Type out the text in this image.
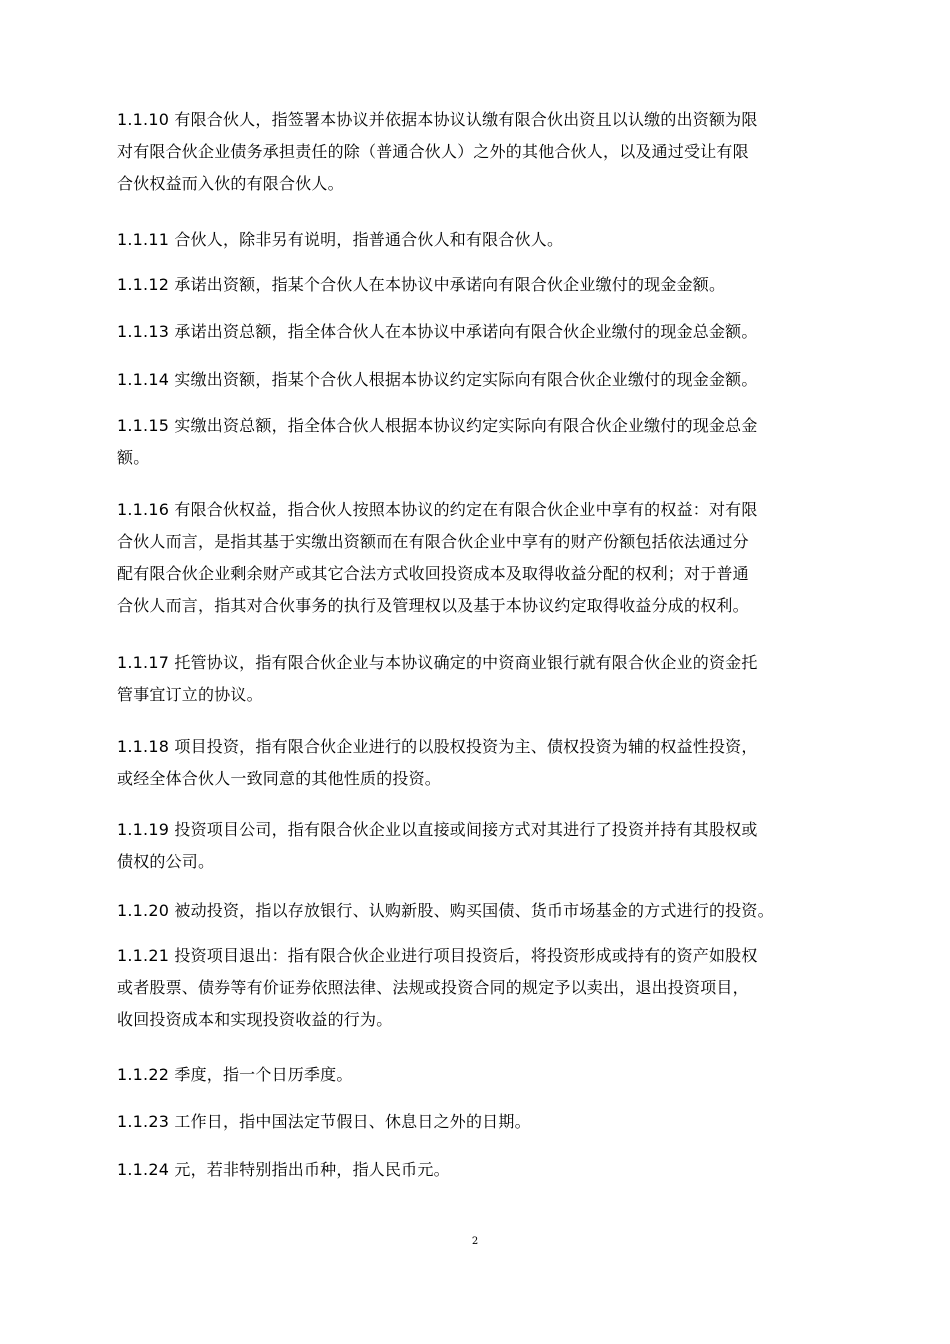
1.1.10 有限合伙人，指签署本协议并依据本协议认缴有限合伙出资且以认缴的出资额为限
对有限合伙企业债务承担责任的除（普通合伙人）之外的其他合伙人，以及通过受让有限
合伙权益而入伙的有限合伙人。

1.1.11 合伙人，除非另有说明，指普通合伙人和有限合伙人。

1.1.12 承诺出资额，指某个合伙人在本协议中承诺向有限合伙企业缴付的现金金额。

1.1.13 承诺出资总额，指全体合伙人在本协议中承诺向有限合伙企业缴付的现金总金额。

1.1.14 实缴出资额，指某个合伙人根据本协议约定实际向有限合伙企业缴付的现金金额。

1.1.15 实缴出资总额，指全体合伙人根据本协议约定实际向有限合伙企业缴付的现金总金
额。

1.1.16 有限合伙权益，指合伙人按照本协议的约定在有限合伙企业中享有的权益：对有限
合伙人而言，是指其基于实缴出资额而在有限合伙企业中享有的财产份额包括依法通过分
配有限合伙企业剩余财产或其它合法方式收回投资成本及取得收益分配的权利；对于普通
合伙人而言，指其对合伙事务的执行及管理权以及基于本协议约定取得收益分成的权利。

1.1.17 托管协议，指有限合伙企业与本协议确定的中资商业银行就有限合伙企业的资金托
管事宜订立的协议。

1.1.18 项目投资，指有限合伙企业进行的以股权投资为主、债权投资为辅的权益性投资，
或经全体合伙人一致同意的其他性质的投资。

1.1.19 投资项目公司，指有限合伙企业以直接或间接方式对其进行了投资并持有其股权或
债权的公司。

1.1.20 被动投资，指以存放银行、认购新股、购买国债、货币市场基金的方式进行的投资。

1.1.21 投资项目退出：指有限合伙企业进行项目投资后，将投资形成或持有的资产如股权
或者股票、债券等有价证券依照法律、法规或投资合同的规定予以卖出，退出投资项目，
收回投资成本和实现投资收益的行为。

1.1.22 季度，指一个日历季度。

1.1.23 工作日，指中国法定节假日、休息日之外的日期。

1.1.24 元，若非特别指出币种，指人民币元。

2
